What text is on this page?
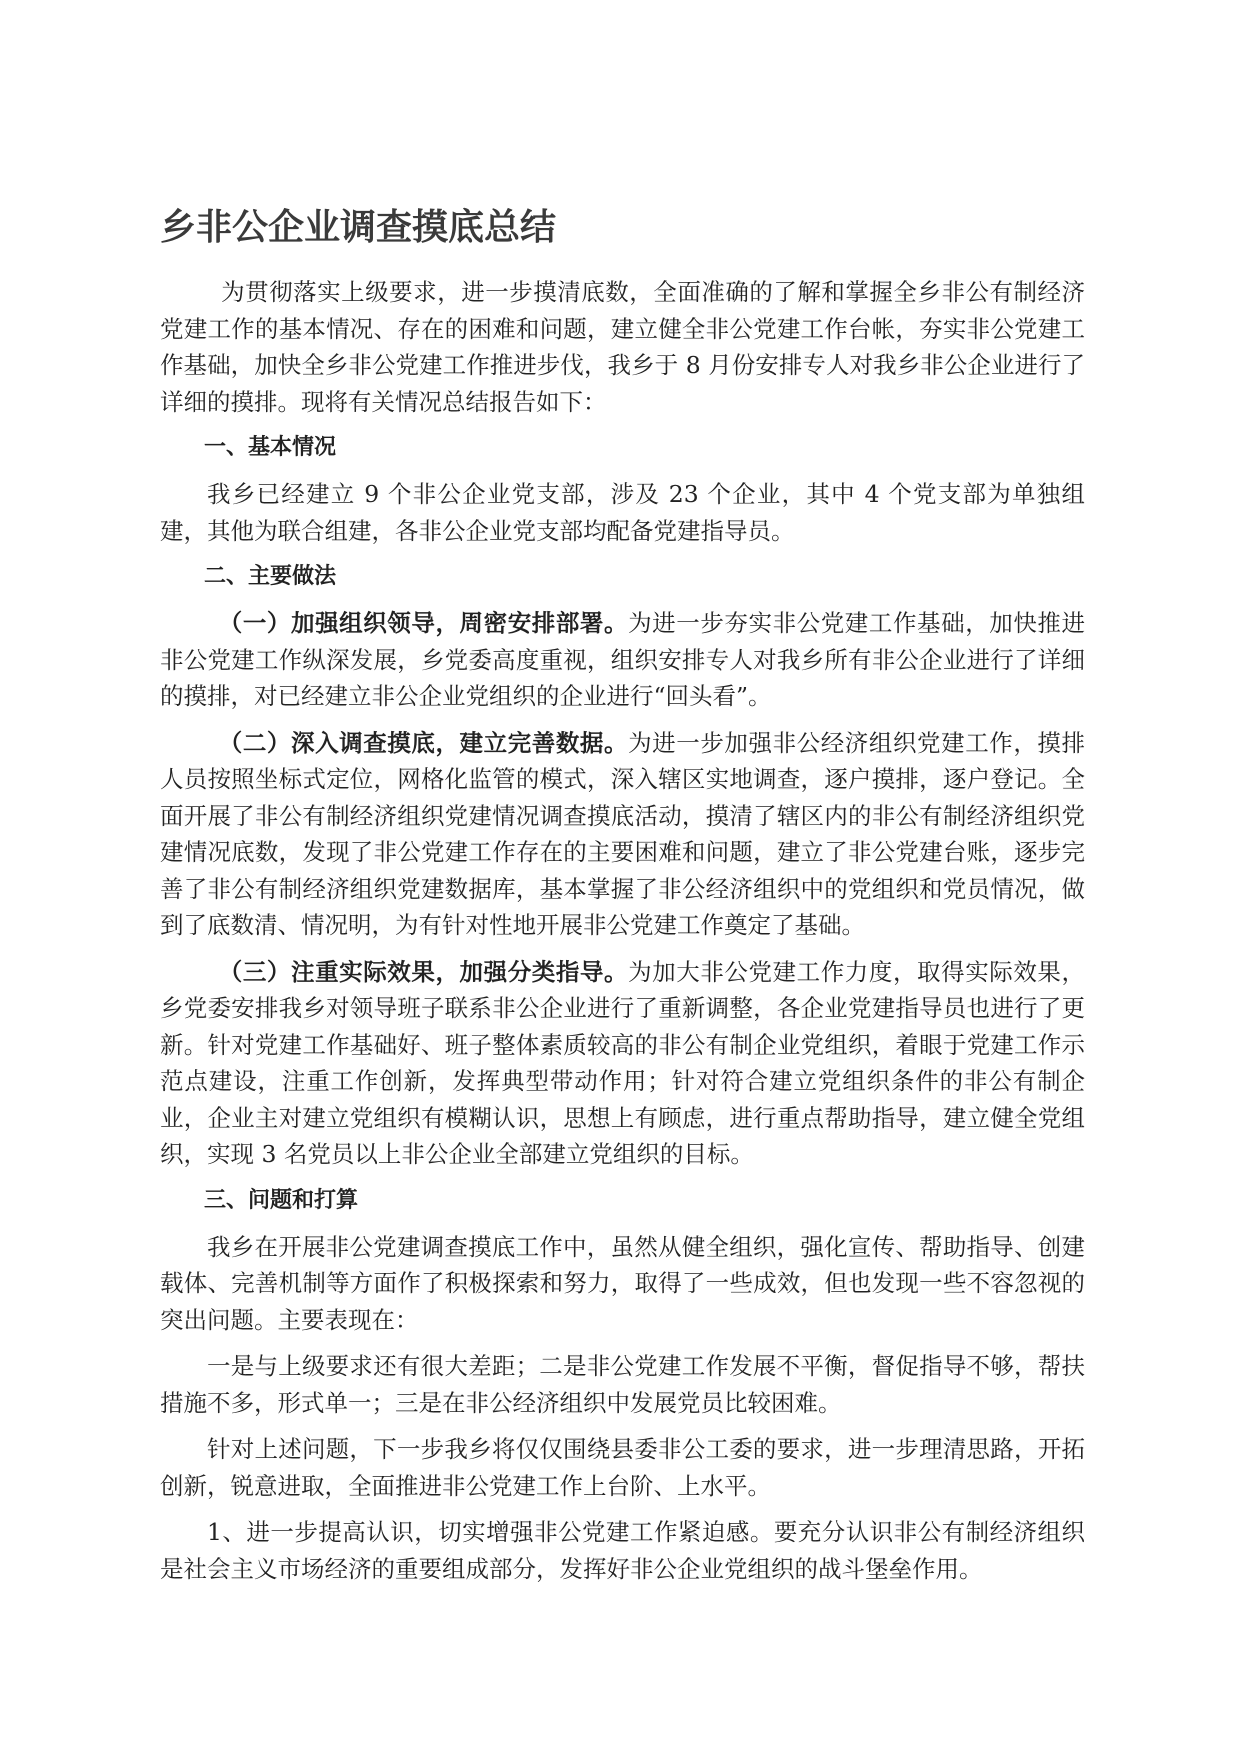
乡非公企业调查摸底总结

为贯彻落实上级要求，进一步摸清底数，全面准确的了解和掌握全乡非公有制经济党建工作的基本情况、存在的困难和问题，建立健全非公党建工作台帐，夯实非公党建工作基础，加快全乡非公党建工作推进步伐，我乡于 8 月份安排专人对我乡非公企业进行了详细的摸排。现将有关情况总结报告如下：

一、基本情况

我乡已经建立 9 个非公企业党支部，涉及 23 个企业，其中 4 个党支部为单独组建，其他为联合组建，各非公企业党支部均配备党建指导员。

二、主要做法

（一）加强组织领导，周密安排部署。为进一步夯实非公党建工作基础，加快推进非公党建工作纵深发展，乡党委高度重视，组织安排专人对我乡所有非公企业进行了详细的摸排，对已经建立非公企业党组织的企业进行“回头看”。

（二）深入调查摸底，建立完善数据。为进一步加强非公经济组织党建工作，摸排人员按照坐标式定位，网格化监管的模式，深入辖区实地调查，逐户摸排，逐户登记。全面开展了非公有制经济组织党建情况调查摸底活动，摸清了辖区内的非公有制经济组织党建情况底数，发现了非公党建工作存在的主要困难和问题，建立了非公党建台账，逐步完善了非公有制经济组织党建数据库，基本掌握了非公经济组织中的党组织和党员情况，做到了底数清、情况明，为有针对性地开展非公党建工作奠定了基础。

（三）注重实际效果，加强分类指导。为加大非公党建工作力度，取得实际效果，乡党委安排我乡对领导班子联系非公企业进行了重新调整，各企业党建指导员也进行了更新。针对党建工作基础好、班子整体素质较高的非公有制企业党组织，着眼于党建工作示范点建设，注重工作创新，发挥典型带动作用；针对符合建立党组织条件的非公有制企业，企业主对建立党组织有模糊认识，思想上有顾虑，进行重点帮助指导，建立健全党组织，实现 3 名党员以上非公企业全部建立党组织的目标。

三、问题和打算

我乡在开展非公党建调查摸底工作中，虽然从健全组织，强化宣传、帮助指导、创建载体、完善机制等方面作了积极探索和努力，取得了一些成效，但也发现一些不容忽视的突出问题。主要表现在：

一是与上级要求还有很大差距；二是非公党建工作发展不平衡，督促指导不够，帮扶措施不多，形式单一；三是在非公经济组织中发展党员比较困难。

针对上述问题，下一步我乡将仅仅围绕县委非公工委的要求，进一步理清思路，开拓创新，锐意进取，全面推进非公党建工作上台阶、上水平。

1、进一步提高认识，切实增强非公党建工作紧迫感。要充分认识非公有制经济组织是社会主义市场经济的重要组成部分，发挥好非公企业党组织的战斗堡垒作用。
